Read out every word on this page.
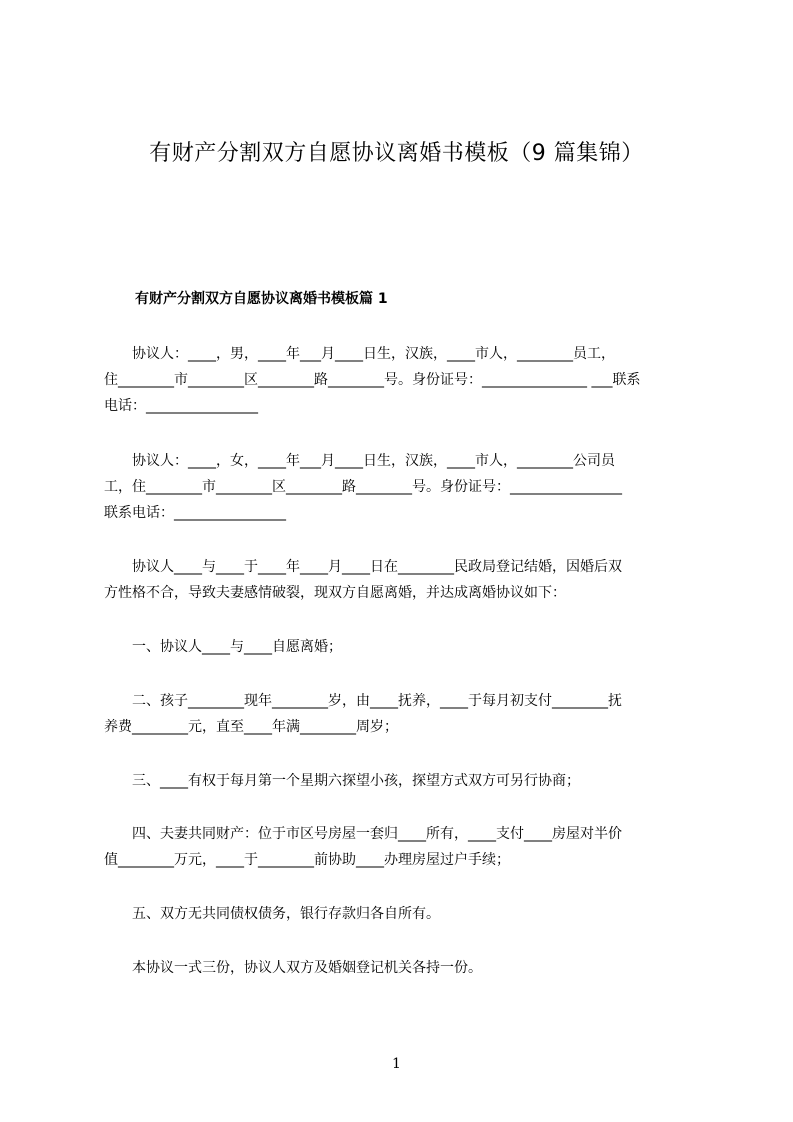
有财产分割双方自愿协议离婚书模板（9 篇集锦）
有财产分割双方自愿协议离婚书模板篇 1
　　协议人：____，男，____年___月____日生，汉族，____市人，________员工，
住________市________区________路________号。身份证号：_______________ ___联系
电话：________________
　　协议人：____，女，____年___月____日生，汉族，____市人，________公司员
工，住________市________区________路________号。身份证号：________________
联系电话：________________
　　协议人____与____于____年____月____日在________民政局登记结婚，因婚后双
方性格不合，导致夫妻感情破裂，现双方自愿离婚，并达成离婚协议如下：
　　一、协议人____与____自愿离婚；
　　二、孩子________现年________岁，由____抚养，____于每月初支付________抚
养费________元，直至____年满________周岁；
　　三、____有权于每月第一个星期六探望小孩，探望方式双方可另行协商；
　　四、夫妻共同财产：位于市区号房屋一套归____所有，____支付____房屋对半价
值________万元，____于________前协助____办理房屋过户手续；
　　五、双方无共同债权债务，银行存款归各自所有。
　　本协议一式三份，协议人双方及婚姻登记机关各持一份。
1
